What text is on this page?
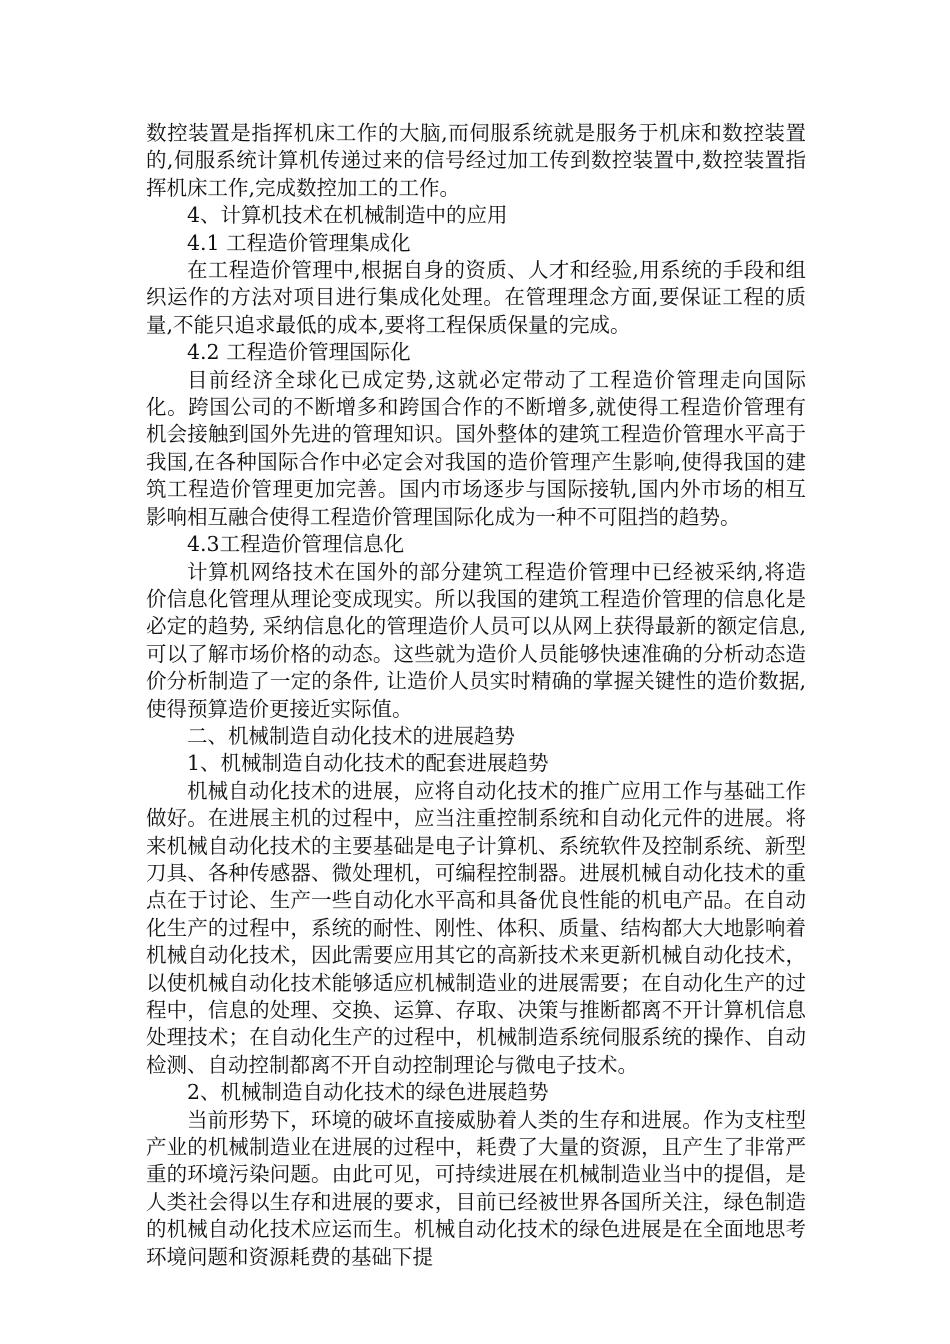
数控装置是指挥机床工作的大脑,而伺服系统就是服务于机床和数控装置的,伺服系统计算机传递过来的信号经过加工传到数控装置中,数控装置指挥机床工作,完成数控加工的工作。

4、计算机技术在机械制造中的应用

4.1 工程造价管理集成化

在工程造价管理中,根据自身的资质、人才和经验,用系统的手段和组织运作的方法对项目进行集成化处理。在管理理念方面,要保证工程的质量,不能只追求最低的成本,要将工程保质保量的完成。

4.2 工程造价管理国际化

目前经济全球化已成定势,这就必定带动了工程造价管理走向国际化。跨国公司的不断增多和跨国合作的不断增多,就使得工程造价管理有机会接触到国外先进的管理知识。国外整体的建筑工程造价管理水平高于我国,在各种国际合作中必定会对我国的造价管理产生影响,使得我国的建筑工程造价管理更加完善。国内市场逐步与国际接轨,国内外市场的相互影响相互融合使得工程造价管理国际化成为一种不可阻挡的趋势。

4.3工程造价管理信息化

计算机网络技术在国外的部分建筑工程造价管理中已经被采纳,将造价信息化管理从理论变成现实。所以我国的建筑工程造价管理的信息化是必定的趋势, 采纳信息化的管理造价人员可以从网上获得最新的额定信息,可以了解市场价格的动态。这些就为造价人员能够快速准确的分析动态造价分析制造了一定的条件, 让造价人员实时精确的掌握关键性的造价数据,使得预算造价更接近实际值。

二、机械制造自动化技术的进展趋势

1、机械制造自动化技术的配套进展趋势

机械自动化技术的进展，应将自动化技术的推广应用工作与基础工作做好。在进展主机的过程中，应当注重控制系统和自动化元件的进展。将来机械自动化技术的主要基础是电子计算机、系统软件及控制系统、新型刀具、各种传感器、微处理机，可编程控制器。进展机械自动化技术的重点在于讨论、生产一些自动化水平高和具备优良性能的机电产品。在自动化生产的过程中，系统的耐性、刚性、体积、质量、结构都大大地影响着机械自动化技术，因此需要应用其它的高新技术来更新机械自动化技术，以使机械自动化技术能够适应机械制造业的进展需要；在自动化生产的过程中，信息的处理、交换、运算、存取、决策与推断都离不开计算机信息处理技术；在自动化生产的过程中，机械制造系统伺服系统的操作、自动检测、自动控制都离不开自动控制理论与微电子技术。

2、机械制造自动化技术的绿色进展趋势

当前形势下，环境的破坏直接威胁着人类的生存和进展。作为支柱型产业的机械制造业在进展的过程中，耗费了大量的资源，且产生了非常严重的环境污染问题。由此可见，可持续进展在机械制造业当中的提倡，是人类社会得以生存和进展的要求，目前已经被世界各国所关注，绿色制造的机械自动化技术应运而生。机械自动化技术的绿色进展是在全面地思考环境问题和资源耗费的基础下提
